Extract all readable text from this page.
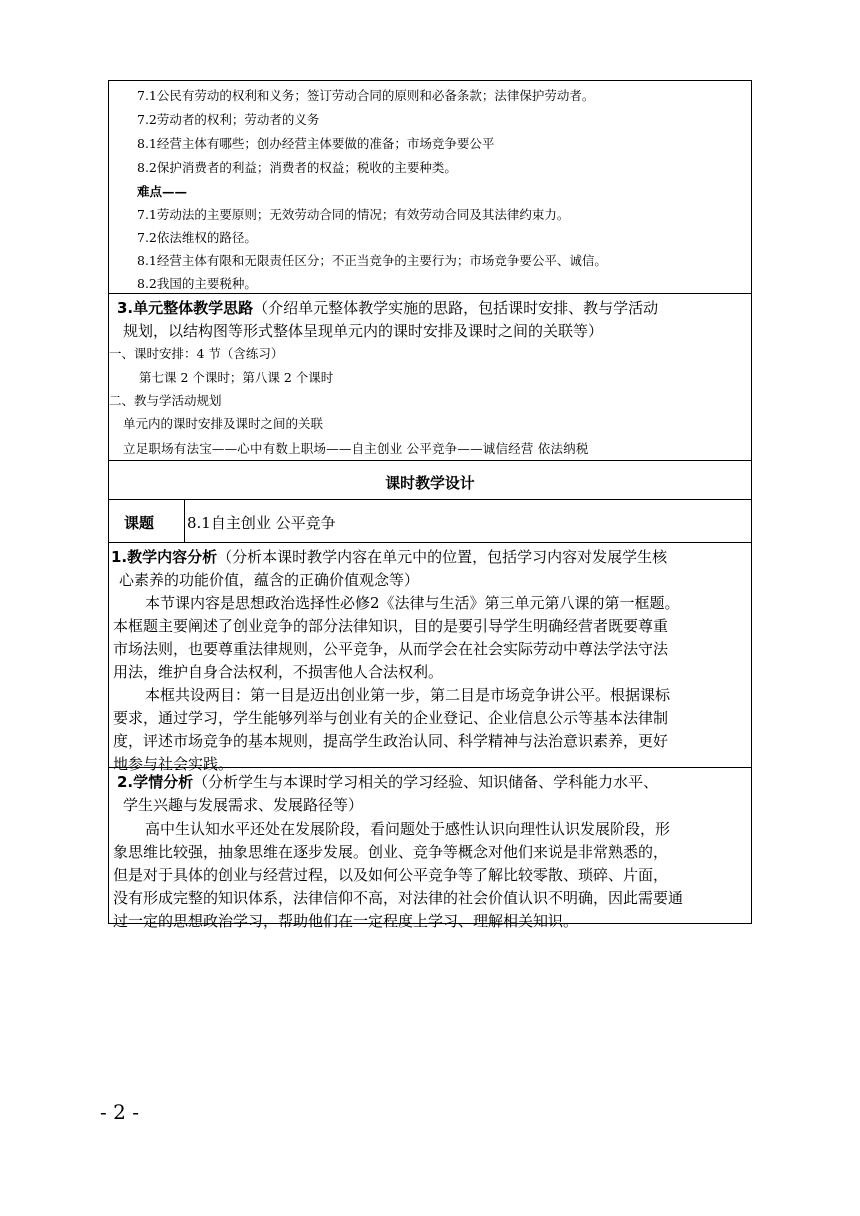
7.1公民有劳动的权利和义务；签订劳动合同的原则和必备条款；法律保护劳动者。
7.2劳动者的权利；劳动者的义务
8.1经营主体有哪些；创办经营主体要做的准备；市场竞争要公平
8.2保护消费者的利益；消费者的权益；税收的主要种类。
难点——
7.1劳动法的主要原则；无效劳动合同的情况；有效劳动合同及其法律约束力。
7.2依法维权的路径。
8.1经营主体有限和无限责任区分；不正当竞争的主要行为；市场竞争要公平、诚信。
8.2我国的主要税种。
3.单元整体教学思路（介绍单元整体教学实施的思路，包括课时安排、教与学活动
规划，以结构图等形式整体呈现单元内的课时安排及课时之间的关联等）
一、课时安排：4 节（含练习）
第七课 2 个课时；第八课 2 个课时
二、教与学活动规划
单元内的课时安排及课时之间的关联
立足职场有法宝——心中有数上职场——自主创业 公平竞争——诚信经营 依法纳税
课时教学设计
课题 8.1自主创业 公平竞争
1.教学内容分析（分析本课时教学内容在单元中的位置，包括学习内容对发展学生核
心素养的功能价值，蕴含的正确价值观念等）
本节课内容是思想政治选择性必修2《法律与生活》第三单元第八课的第一框题。
本框题主要阐述了创业竞争的部分法律知识，目的是要引导学生明确经营者既要尊重
市场法则，也要尊重法律规则，公平竞争，从而学会在社会实际劳动中尊法学法守法
用法，维护自身合法权利，不损害他人合法权利。
本框共设两目：第一目是迈出创业第一步，第二目是市场竞争讲公平。根据课标
要求，通过学习，学生能够列举与创业有关的企业登记、企业信息公示等基本法律制
度，评述市场竞争的基本规则，提高学生政治认同、科学精神与法治意识素养，更好
地参与社会实践。
2.学情分析（分析学生与本课时学习相关的学习经验、知识储备、学科能力水平、
学生兴趣与发展需求、发展路径等）
高中生认知水平还处在发展阶段，看问题处于感性认识向理性认识发展阶段，形
象思维比较强，抽象思维在逐步发展。创业、竞争等概念对他们来说是非常熟悉的，
但是对于具体的创业与经营过程，以及如何公平竞争等了解比较零散、琐碎、片面，
没有形成完整的知识体系，法律信仰不高，对法律的社会价值认识不明确，因此需要通
过一定的思想政治学习，帮助他们在一定程度上学习、理解相关知识。
- 2 -
